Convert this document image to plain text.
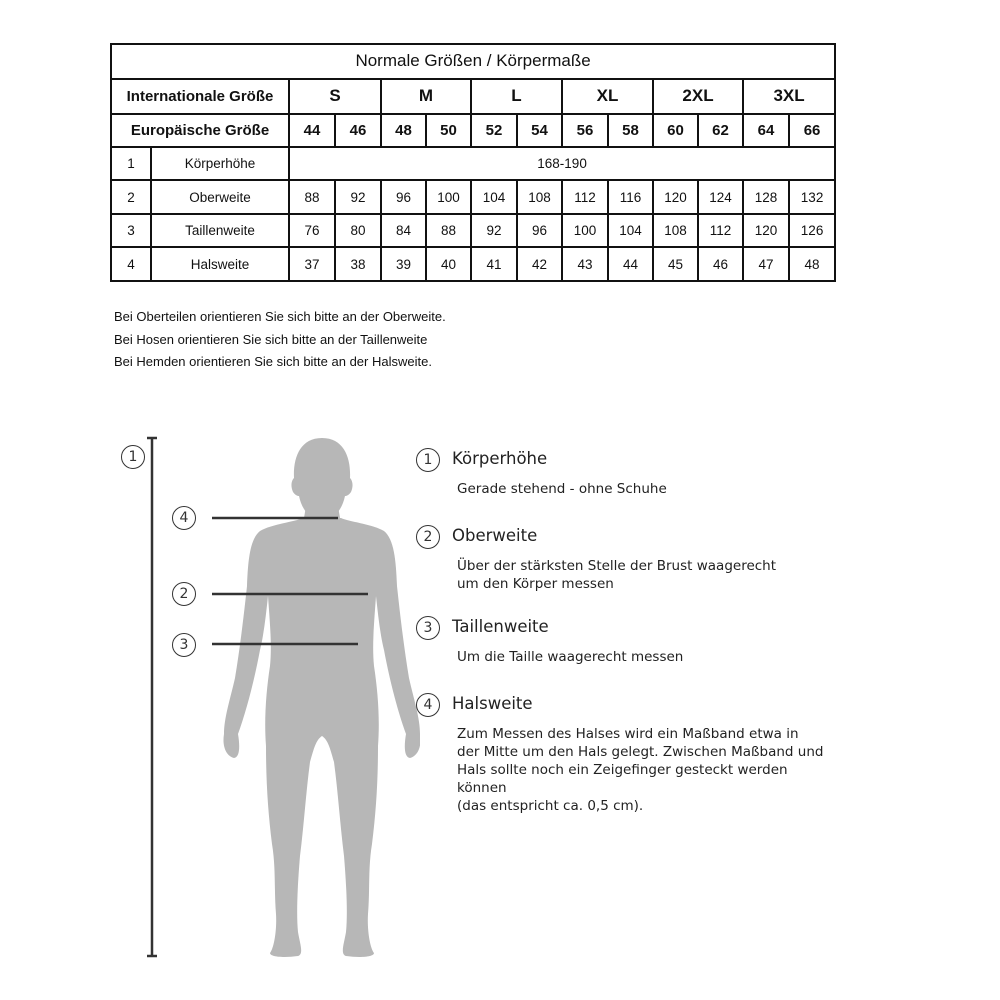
Normale Größen / Körpermaße													
Internationale Größe		S		M		L		XL		2XL		3XL	
Europäische Größe		44	46	48	50	52	54	56	58	60	62	64	66
1	Körperhöhe	168-190											
2	Oberweite	88	92	96	100	104	108	112	116	120	124	128	132
3	Taillenweite	76	80	84	88	92	96	100	104	108	112	120	126
4	Halsweite	37	38	39	40	41	42	43	44	45	46	47	48
Bei Oberteilen orientieren Sie sich bitte an der Oberweite.
Bei Hosen orientieren Sie sich bitte an der Taillenweite
Bei Hemden orientieren Sie sich bitte an der Halsweite.
1
4
2
3
1	Körperhöhe
Gerade stehend - ohne Schuhe
2	Oberweite
Über der stärksten Stelle der Brust waagerecht
um den Körper messen
3	Taillenweite
Um die Taille waagerecht messen
4	Halsweite
Zum Messen des Halses wird ein Maßband etwa in
der Mitte um den Hals gelegt. Zwischen Maßband und
Hals sollte noch ein Zeigefinger gesteckt werden können
(das entspricht ca. 0,5 cm).
